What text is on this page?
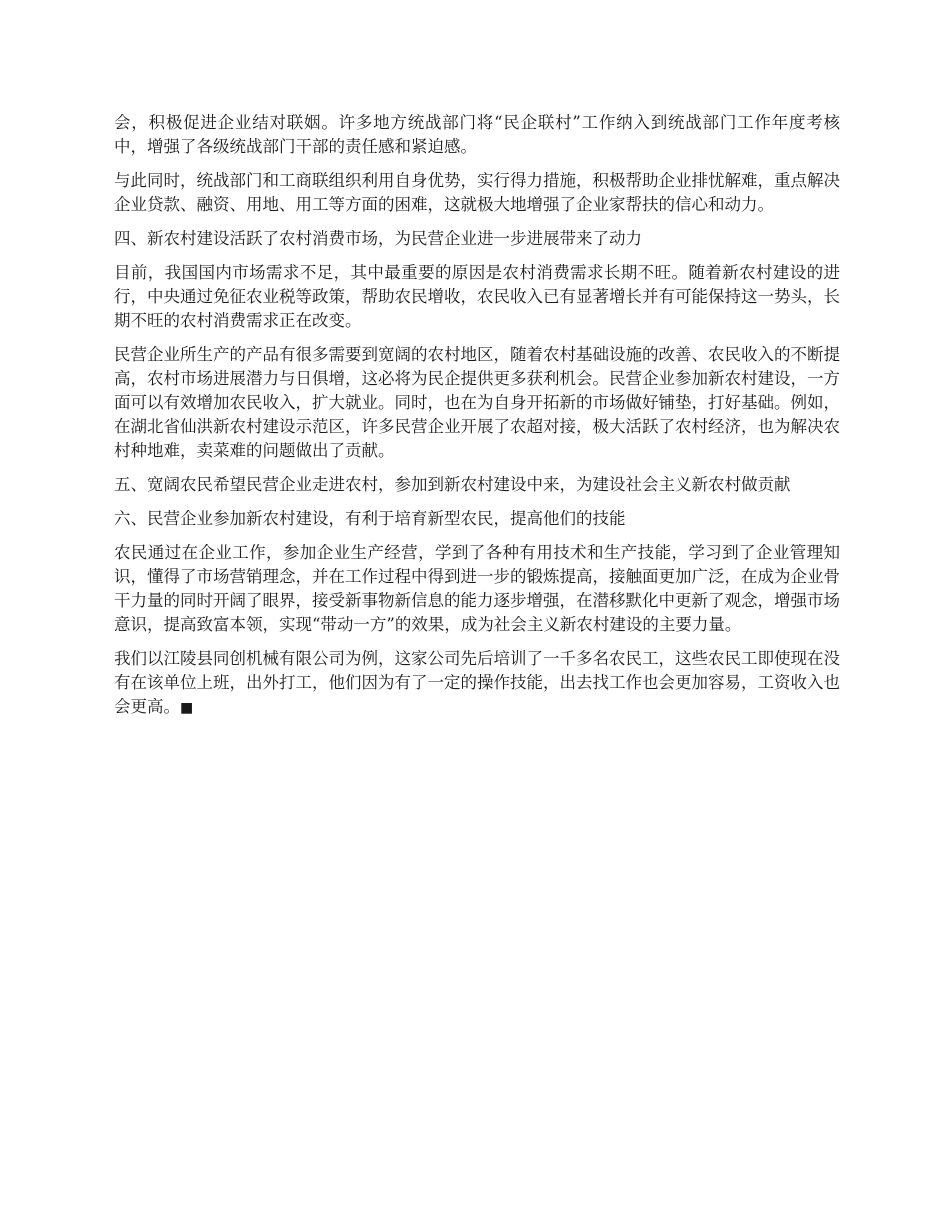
会，积极促进企业结对联姻。许多地方统战部门将“民企联村”工作纳入到统战部门工作年度考核中，增强了各级统战部门干部的责任感和紧迫感。

与此同时，统战部门和工商联组织利用自身优势，实行得力措施，积极帮助企业排忧解难，重点解决企业贷款、融资、用地、用工等方面的困难，这就极大地增强了企业家帮扶的信心和动力。

四、新农村建设活跃了农村消费市场，为民营企业进一步进展带来了动力

目前，我国国内市场需求不足，其中最重要的原因是农村消费需求长期不旺。随着新农村建设的进行，中央通过免征农业税等政策，帮助农民增收，农民收入已有显著增长并有可能保持这一势头，长期不旺的农村消费需求正在改变。

民营企业所生产的产品有很多需要到宽阔的农村地区，随着农村基础设施的改善、农民收入的不断提高，农村市场进展潜力与日俱增，这必将为民企提供更多获利机会。民营企业参加新农村建设，一方面可以有效增加农民收入，扩大就业。同时，也在为自身开拓新的市场做好铺垫，打好基础。例如，在湖北省仙洪新农村建设示范区，许多民营企业开展了农超对接，极大活跃了农村经济，也为解决农村种地难，卖菜难的问题做出了贡献。

五、宽阔农民希望民营企业走进农村，参加到新农村建设中来，为建设社会主义新农村做贡献

六、民营企业参加新农村建设，有利于培育新型农民，提高他们的技能

农民通过在企业工作，参加企业生产经营，学到了各种有用技术和生产技能，学习到了企业管理知识，懂得了市场营销理念，并在工作过程中得到进一步的锻炼提高，接触面更加广泛，在成为企业骨干力量的同时开阔了眼界，接受新事物新信息的能力逐步增强，在潜移默化中更新了观念，增强市场意识，提高致富本领，实现“带动一方”的效果，成为社会主义新农村建设的主要力量。

我们以江陵县同创机械有限公司为例，这家公司先后培训了一千多名农民工，这些农民工即使现在没有在该单位上班，出外打工，他们因为有了一定的操作技能，出去找工作也会更加容易，工资收入也会更高。■
